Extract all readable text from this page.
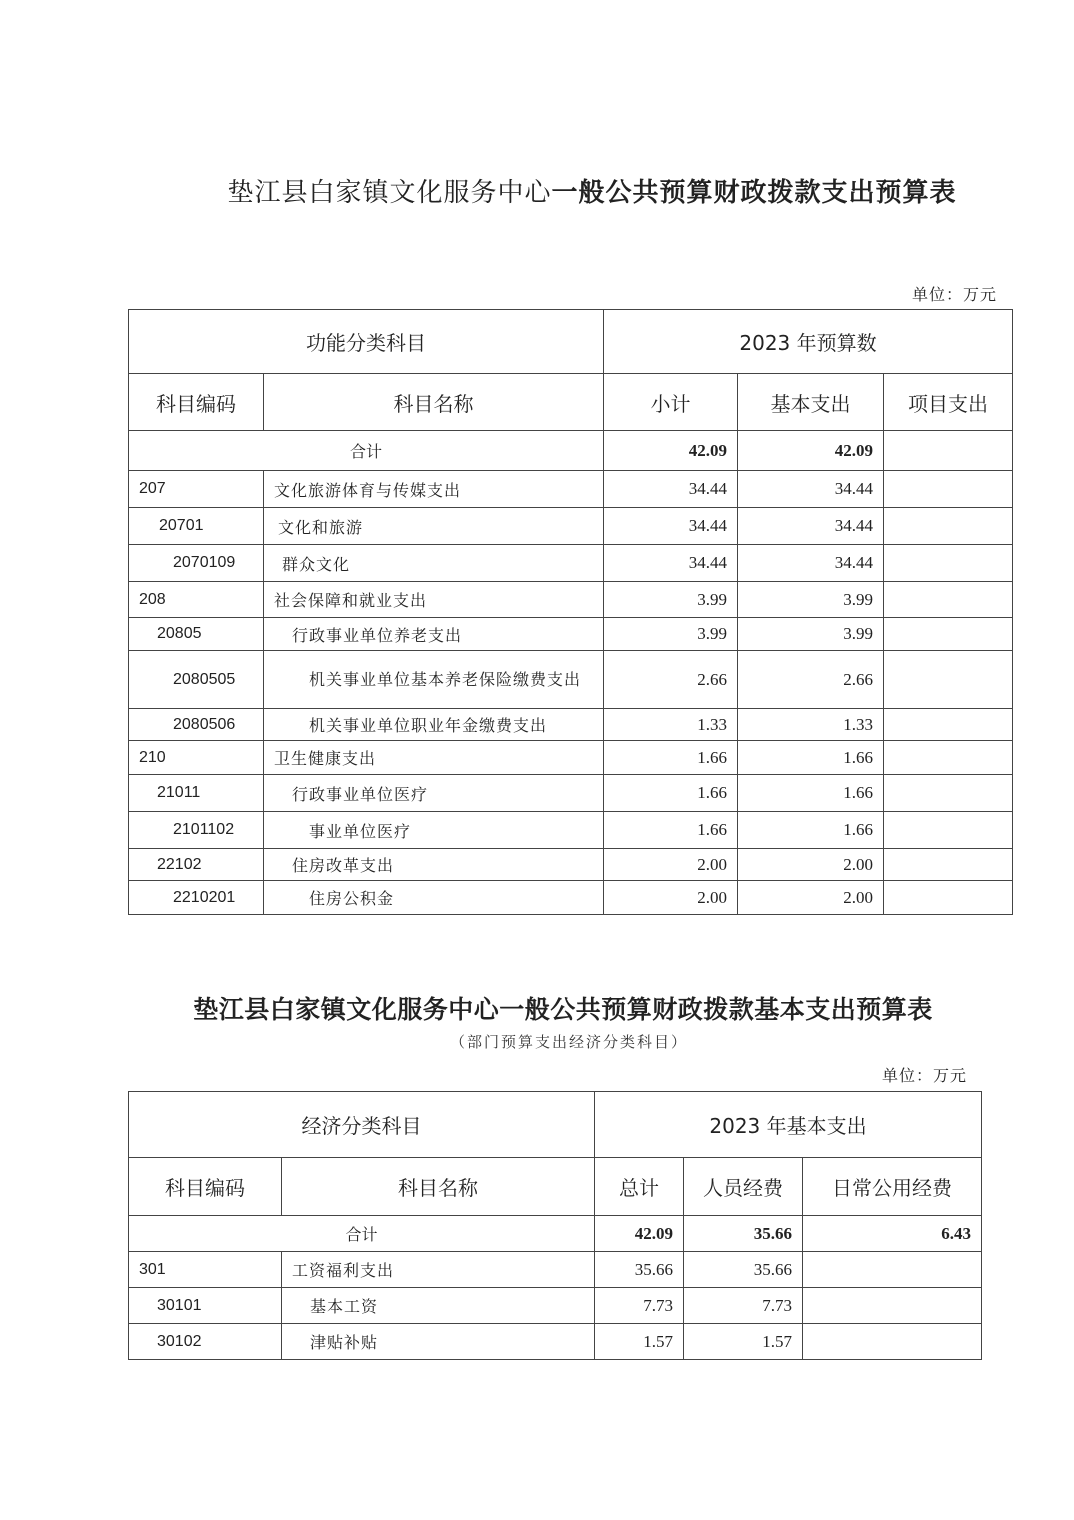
垫江县白家镇文化服务中心一般公共预算财政拨款支出预算表
单位：万元
功能分类科目		2023 年预算数		
科目编码	科目名称	小计	基本支出	项目支出
合计		42.09	42.09	
207	文化旅游体育与传媒支出	34.44	34.44	
20701	文化和旅游	34.44	34.44	
2070109	群众文化	34.44	34.44	
208	社会保障和就业支出	3.99	3.99	
20805	行政事业单位养老支出	3.99	3.99	
2080505	机关事业单位基本养老保险缴费支出	2.66	2.66	
2080506	机关事业单位职业年金缴费支出	1.33	1.33	
210	卫生健康支出	1.66	1.66	
21011	行政事业单位医疗	1.66	1.66	
2101102	事业单位医疗	1.66	1.66	
22102	住房改革支出	2.00	2.00	
2210201	住房公积金	2.00	2.00	
垫江县白家镇文化服务中心一般公共预算财政拨款基本支出预算表
（部门预算支出经济分类科目）
单位：万元
经济分类科目		2023 年基本支出		
科目编码	科目名称	总计	人员经费	日常公用经费
合计		42.09	35.66	6.43
301	工资福利支出	35.66	35.66	
30101	基本工资	7.73	7.73	
30102	津贴补贴	1.57	1.57	
